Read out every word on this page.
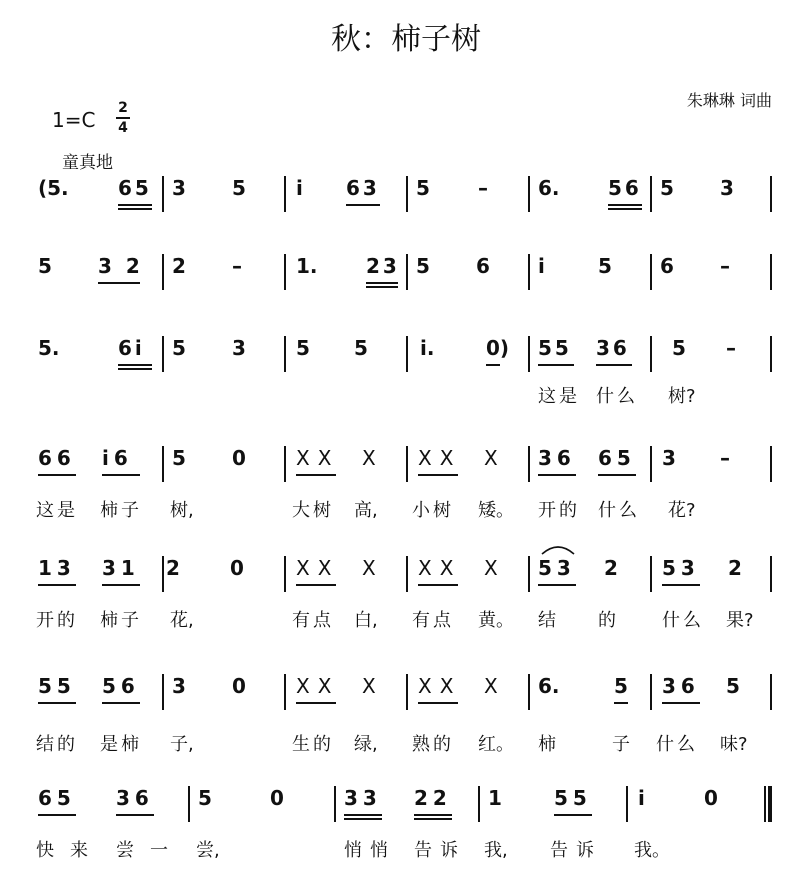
秋：柿子树
朱琳琳 词曲
1=C 2
4
童真地
(5. 65 3 5	i 63 5 –	6. 56 5 3
5 32 2 –	1. 23 5 6 i	5 6 –
5.	6i 5 3	5 5	i.	0) 55 36 5 –
这是 什么 树?
66 i6 5 0	XX X XX X 36 65 3 –
这是 柿子 树,	大树 高, 小树 矮。 开的 什么 花?
13 31 2	0	XX X XX X 53 2 53 2
开的 柿子 花,	有点 白, 有点 黄。 结 的	什么 果?
55 56 3 0	XX X XX X 6.	5 36 5
结的 是柿 子,	生的 绿, 熟的 红。 柿	子 什么 味?
65 36 5	0	33 22 1	55 i	0
快来 尝一 尝,	悄悄 告诉 我, 告诉 我。
